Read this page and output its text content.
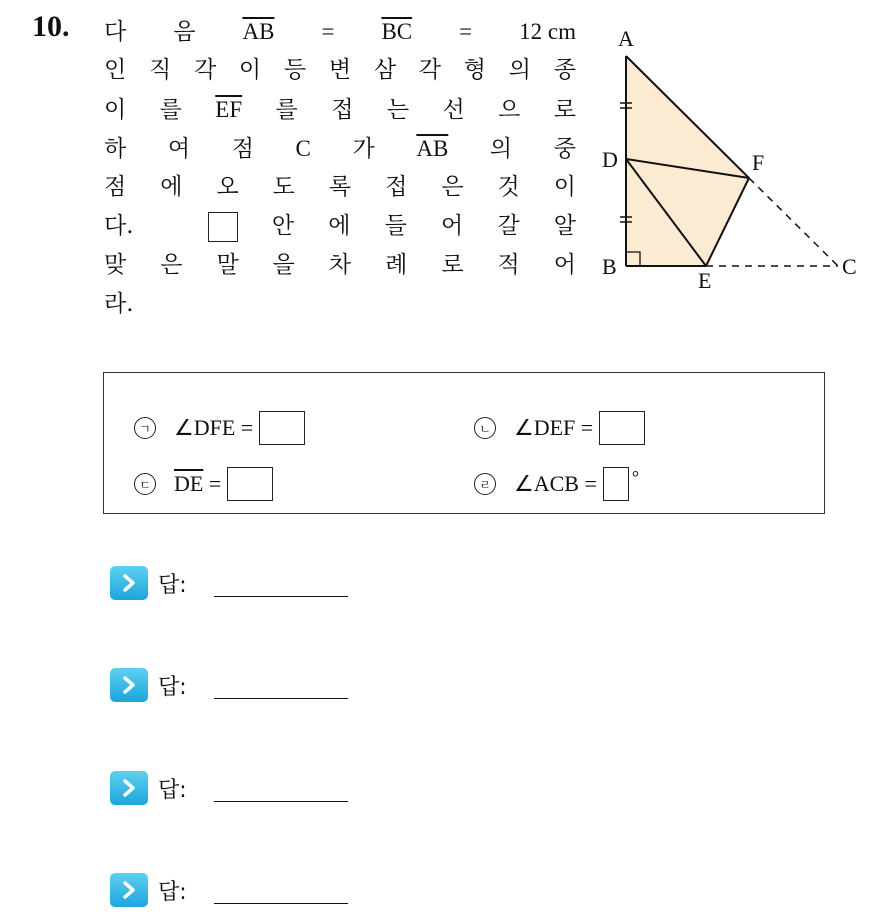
10. 다 음 $\overline{AB} = \overline{BC} = 12$ cm
인 직 각 이 등 변 삼 각 형 의 종
이 를 $\overline{EF}$ 를 접 는 선 으 로
하 여 점 C 가 $\overline{AB}$ 의 중
점 에 오 도 록 접 은 것 이
다.	안 에 들 어 갈 알
맞 은 말 을 차 례 로 적 어
라.
A
B	C
D
E
F
ㄱ ∠DFE =	ㄴ ∠DEF =
ㄷ $\overline{DE}$ =	ㄹ ∠ACB = °
답:
답:
답:
답:
